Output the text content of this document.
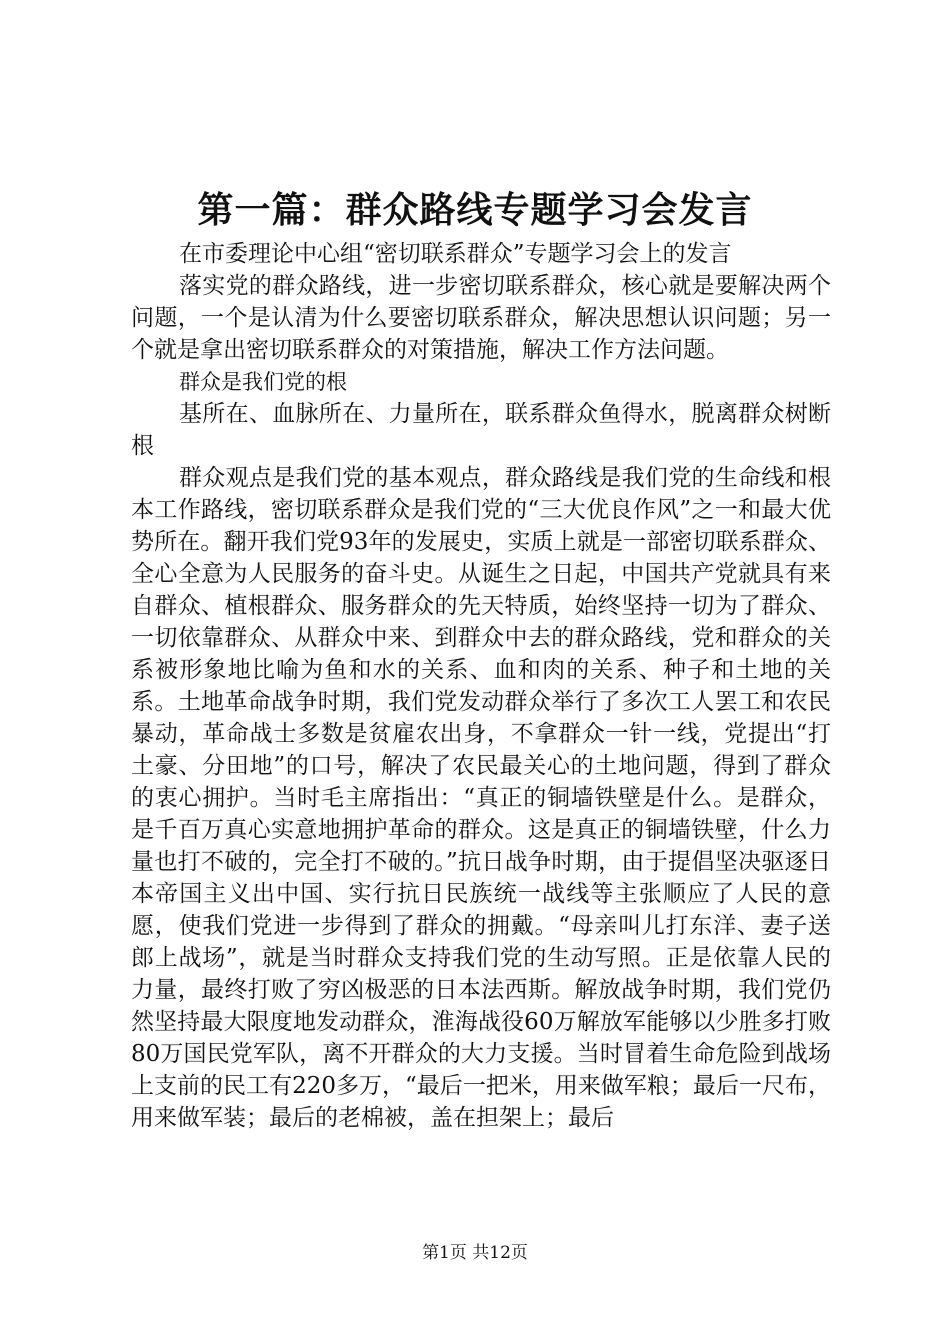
第一篇：群众路线专题学习会发言

在市委理论中心组“密切联系群众”专题学习会上的发言

落实党的群众路线，进一步密切联系群众，核心就是要解决两个问题，一个是认清为什么要密切联系群众，解决思想认识问题；另一个就是拿出密切联系群众的对策措施，解决工作方法问题。

群众是我们党的根

基所在、血脉所在、力量所在，联系群众鱼得水，脱离群众树断根

群众观点是我们党的基本观点，群众路线是我们党的生命线和根本工作路线，密切联系群众是我们党的“三大优良作风”之一和最大优势所在。翻开我们党93年的发展史，实质上就是一部密切联系群众、全心全意为人民服务的奋斗史。从诞生之日起，中国共产党就具有来自群众、植根群众、服务群众的先天特质，始终坚持一切为了群众、一切依靠群众、从群众中来、到群众中去的群众路线，党和群众的关系被形象地比喻为鱼和水的关系、血和肉的关系、种子和土地的关系。土地革命战争时期，我们党发动群众举行了多次工人罢工和农民暴动，革命战士多数是贫雇农出身，不拿群众一针一线，党提出“打土豪、分田地”的口号，解决了农民最关心的土地问题，得到了群众的衷心拥护。当时毛主席指出：“真正的铜墙铁壁是什么。是群众，是千百万真心实意地拥护革命的群众。这是真正的铜墙铁壁，什么力量也打不破的，完全打不破的。”抗日战争时期，由于提倡坚决驱逐日本帝国主义出中国、实行抗日民族统一战线等主张顺应了人民的意愿，使我们党进一步得到了群众的拥戴。“母亲叫儿打东洋、妻子送郎上战场”，就是当时群众支持我们党的生动写照。正是依靠人民的力量，最终打败了穷凶极恶的日本法西斯。解放战争时期，我们党仍然坚持最大限度地发动群众，淮海战役60万解放军能够以少胜多打败80万国民党军队，离不开群众的大力支援。当时冒着生命危险到战场上支前的民工有220多万，“最后一把米，用来做军粮；最后一尺布，用来做军装；最后的老棉被，盖在担架上；最后

第1页 共12页
